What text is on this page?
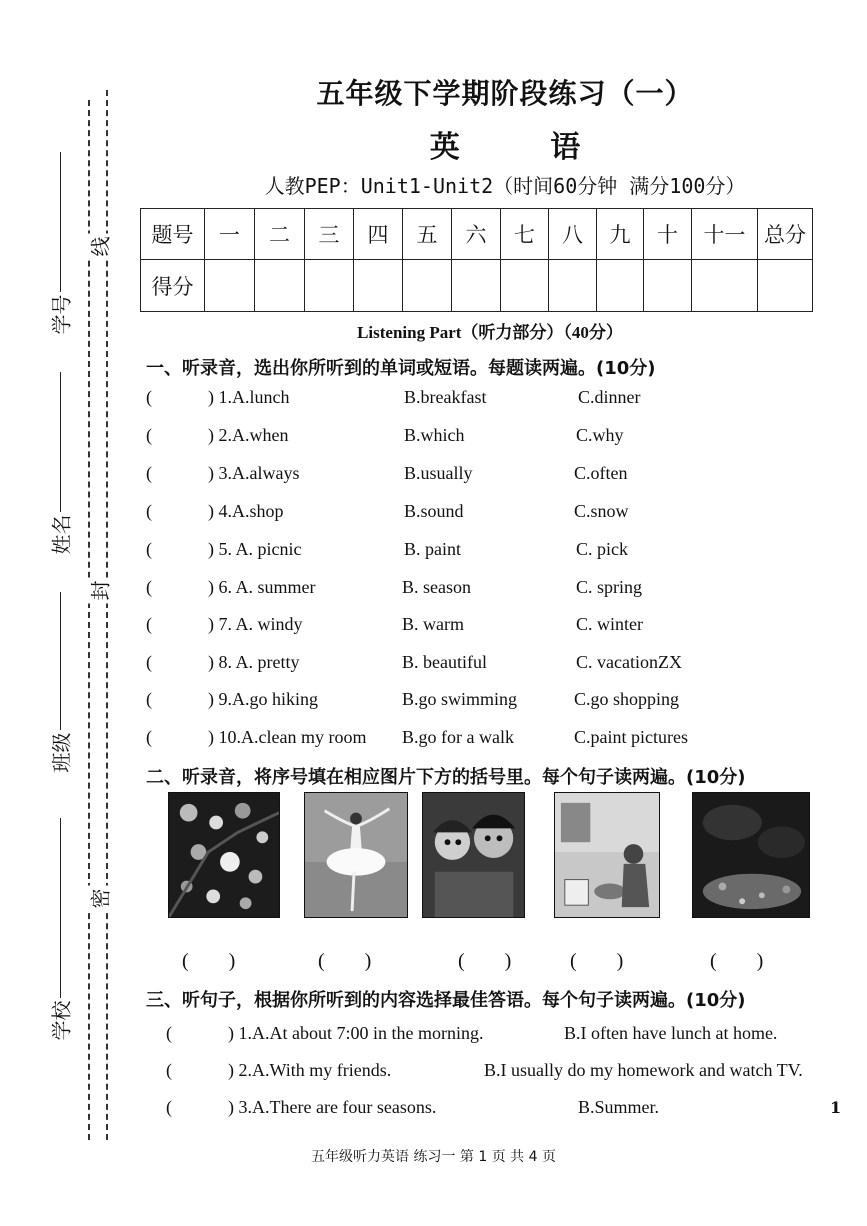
线
封
密
学号
姓名
班级
学校
五年级下学期阶段练习（一）
英 语
人教PEP：Unit1-Unit2（时间60分钟 满分100分）
题号	一	二	三	四	五	六	七	八	九	十	十一	总分
得分												
Listening Part（听力部分）（40分）
一、听录音，选出你所听到的单词或短语。每题读两遍。(10分)
(	) 1.A.lunch	B.breakfast	C.dinner
(	) 2.A.when	B.which	C.why
(	) 3.A.always	B.usually	C.often
(	) 4.A.shop	B.sound	C.snow
(	) 5. A. picnic	B. paint	C. pick
(	) 6. A. summer	B. season	C. spring
(	) 7. A. windy	B. warm	C. winter
(	) 8. A. pretty	B. beautiful	C. vacationZX
(	) 9.A.go hiking	B.go swimming	C.go shopping
(	) 10.A.clean my room B.go for a walk	C.paint pictures
二、听录音，将序号填在相应图片下方的括号里。每个句子读两遍。(10分)
(        )	(        )	(        )	(        )	(        )
三、听句子，根据你所听到的内容选择最佳答语。每个句子读两遍。(10分)
(	) 1.A.At about 7:00 in the morning.	B.I often have lunch at home.
(	) 2.A.With my friends.	B.I usually do my homework and watch TV.
(	) 3.A.There are four seasons.	B.Summer.	1
五年级听力英语 练习一 第 1 页 共 4 页
